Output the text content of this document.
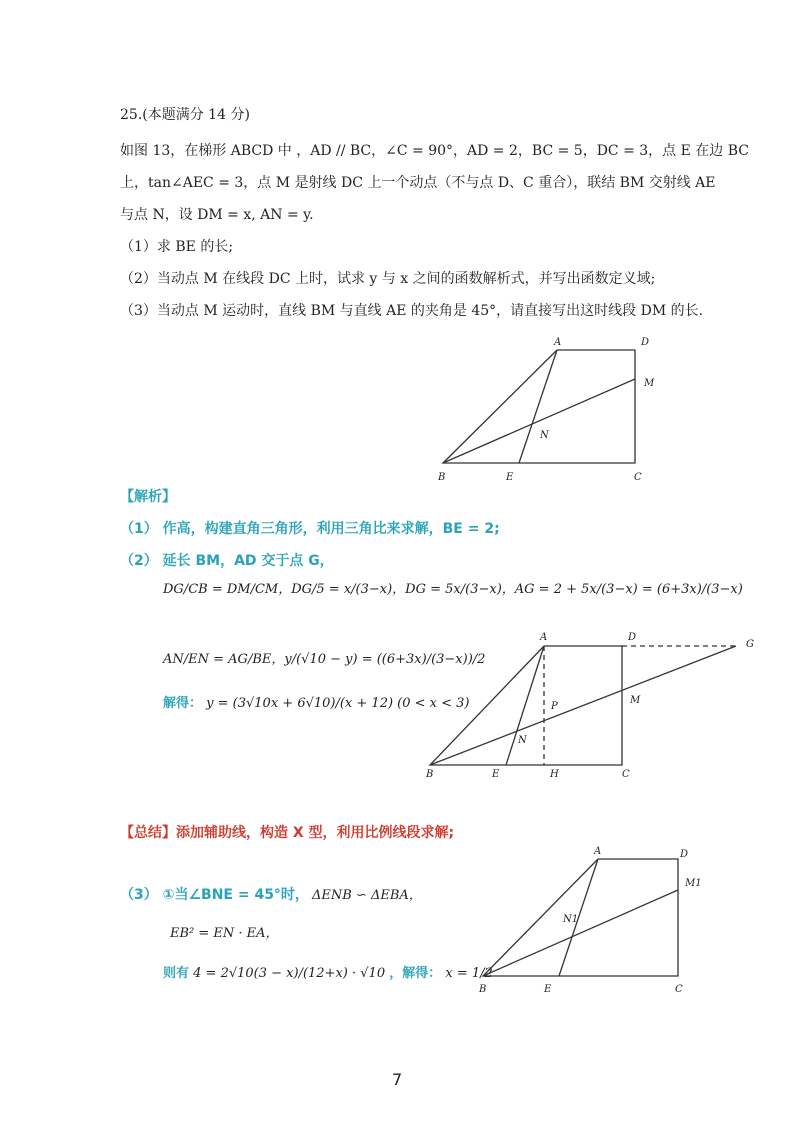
25.(本题满分 14 分)
如图 13，在梯形 ABCD 中 ，AD // BC，∠C = 90°，AD = 2，BC = 5，DC = 3，点 E 在边 BC
上，tan∠AEC = 3，点 M 是射线 DC 上一个动点（不与点 D、C 重合），联结 BM 交射线 AE
与点 N，设 DM = x, AN = y.
（1）求 BE 的长;
（2）当动点 M 在线段 DC 上时，试求 y 与 x 之间的函数解析式，并写出函数定义域;
（3）当动点 M 运动时，直线 BM 与直线 AE 的夹角是 45°，请直接写出这时线段 DM 的长.
A	D
M
N
B	E	C
【解析】
（1） 作高，构建直角三角形，利用三角比来求解，BE = 2;
（2） 延长 BM，AD 交于点 G，
DG/CB = DM/CM，DG/5 = x/(3−x)，DG = 5x/(3−x)，AG = 2 + 5x/(3−x) = (6+3x)/(3−x)
AN/EN = AG/BE，y/(√10 − y) = ((6+3x)/(3−x))/2
解得： y = (3√10x + 6√10)/(x + 12) (0 < x < 3)
A	D
G
M
P
N
B	E	H	C
【总结】添加辅助线，构造 X 型，利用比例线段求解;
（3） ①当∠BNE = 45°时， ΔENB ∽ ΔEBA，
EB² = EN · EA，
则有 4 = 2√10(3 − x)/(12+x) · √10 ，解得： x = 1/2
A	D
M1
N1
B	E	C
7
